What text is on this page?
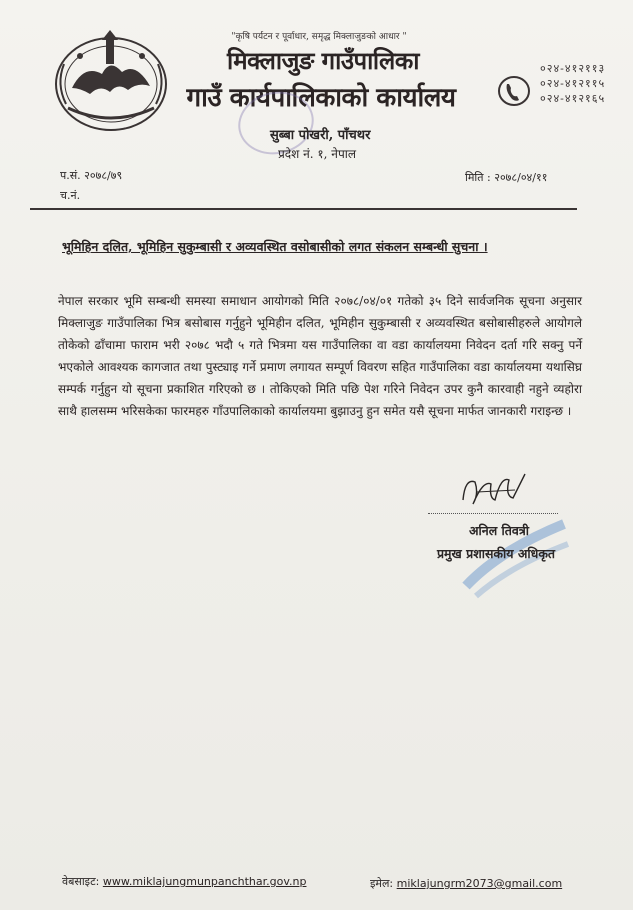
"कृषि पर्यटन र पूर्वाधार, समृद्ध मिक्लाजुङको आधार "
मिक्लाजुङ गाउँपालिका
गाउँ कार्यपालिकाको कार्यालय
सुब्बा पोखरी, पाँचथर
प्रदेश नं. १, नेपाल
०२४-४१२११३
०२४-४१२११५
०२४-४१२१६५
प.सं. २०७८/७९
च.नं.
मिति : २०७८/०४/११
भूमिहिन दलित, भूमिहिन सुकुम्बासी र अव्यवस्थित वसोबासीको लगत संकलन सम्बन्धी सुचना ।

नेपाल सरकार भूमि सम्बन्धी समस्या समाधान आयोगको मिति २०७८/०४/०१ गतेको ३५ दिने सार्वजनिक सूचना अनुसार मिक्लाजुङ गाउँपालिका भित्र बसोबास गर्नुहुने भूमिहीन दलित, भूमिहीन सुकुम्बासी र अव्यवस्थित बसोबासीहरुले आयोगले तोकेको ढाँचामा फाराम भरी २०७८ भदौ ५ गते भित्रमा यस गाउँपालिका वा वडा कार्यालयमा निवेदन दर्ता गरि सक्नु पर्ने भएकोले आवश्यक कागजात तथा पुस्ट्याइ गर्ने प्रमाण लगायत सम्पूर्ण विवरण सहित गाउँपालिका वडा कार्यालयमा यथासिघ्र सम्पर्क गर्नुहुन यो सूचना प्रकाशित गरिएको छ । तोकिएको मिति पछि पेश गरिने निवेदन उपर कुनै कारवाही नहुने व्यहोरा साथै हालसम्म भरिसकेका फारमहरु गाँउपालिकाको कार्यालयमा बुझाउनु हुन समेत यसै सूचना मार्फत जानकारी गराइन्छ ।

अनिल तिवत्री
प्रमुख प्रशासकीय अधिकृत
वेबसाइट: www.miklajungmunpanchthar.gov.np	इमेल: miklajungrm2073@gmail.com
